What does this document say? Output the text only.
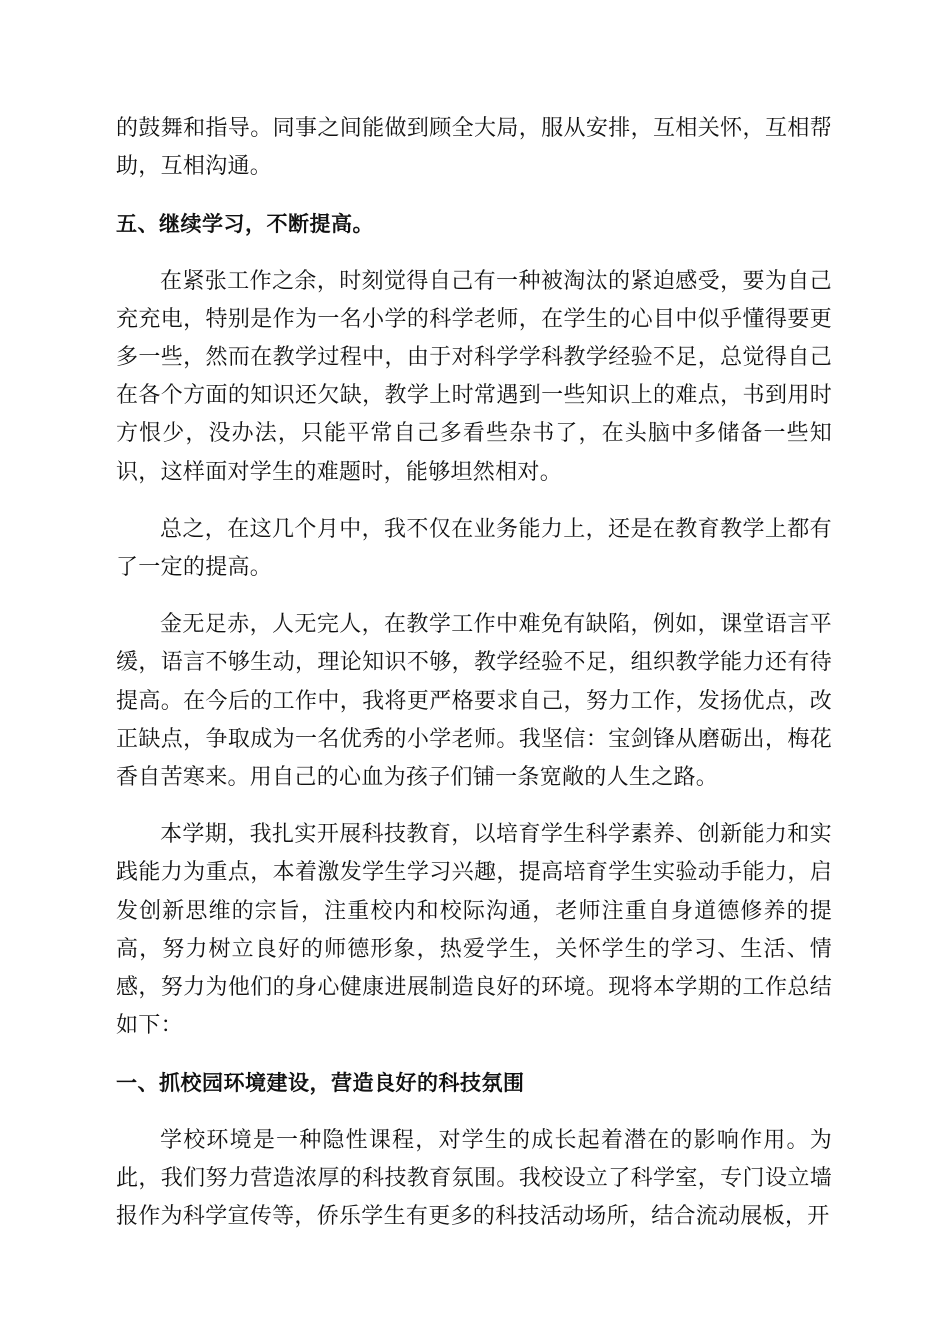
的鼓舞和指导。同事之间能做到顾全大局，服从安排，互相关怀，互相帮助，互相沟通。

五、继续学习，不断提高。

在紧张工作之余，时刻觉得自己有一种被淘汰的紧迫感受，要为自己充充电，特别是作为一名小学的科学老师，在学生的心目中似乎懂得要更多一些，然而在教学过程中，由于对科学学科教学经验不足，总觉得自己在各个方面的知识还欠缺，教学上时常遇到一些知识上的难点，书到用时方恨少，没办法，只能平常自己多看些杂书了，在头脑中多储备一些知识，这样面对学生的难题时，能够坦然相对。

总之，在这几个月中，我不仅在业务能力上，还是在教育教学上都有了一定的提高。

金无足赤，人无完人，在教学工作中难免有缺陷，例如，课堂语言平缓，语言不够生动，理论知识不够，教学经验不足，组织教学能力还有待提高。在今后的工作中，我将更严格要求自己，努力工作，发扬优点，改正缺点，争取成为一名优秀的小学老师。我坚信：宝剑锋从磨砺出，梅花香自苦寒来。用自己的心血为孩子们铺一条宽敞的人生之路。

本学期，我扎实开展科技教育，以培育学生科学素养、创新能力和实践能力为重点，本着激发学生学习兴趣，提高培育学生实验动手能力，启发创新思维的宗旨，注重校内和校际沟通，老师注重自身道德修养的提高，努力树立良好的师德形象，热爱学生，关怀学生的学习、生活、情感，努力为他们的身心健康进展制造良好的环境。现将本学期的工作总结如下：

一、抓校园环境建设，营造良好的科技氛围

学校环境是一种隐性课程，对学生的成长起着潜在的影响作用。为此，我们努力营造浓厚的科技教育氛围。我校设立了科学室，专门设立墙报作为科学宣传等，侨乐学生有更多的科技活动场所，结合流动展板，开
